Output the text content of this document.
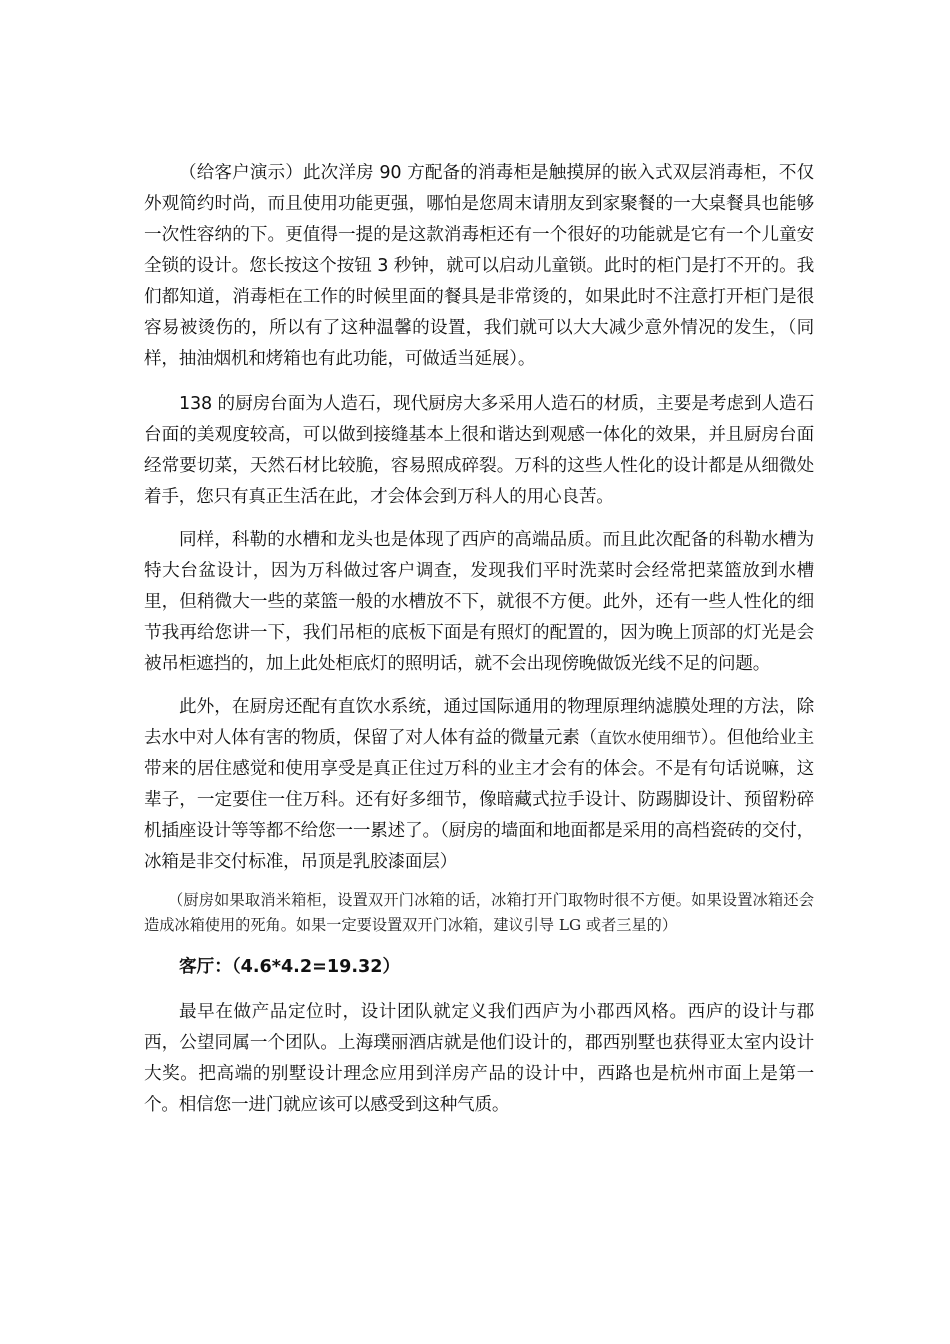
（给客户演示）此次洋房 90 方配备的消毒柜是触摸屏的嵌入式双层消毒柜，不仅外观简约时尚，而且使用功能更强，哪怕是您周末请朋友到家聚餐的一大桌餐具也能够一次性容纳的下。更值得一提的是这款消毒柜还有一个很好的功能就是它有一个儿童安全锁的设计。您长按这个按钮 3 秒钟，就可以启动儿童锁。此时的柜门是打不开的。我们都知道，消毒柜在工作的时候里面的餐具是非常烫的，如果此时不注意打开柜门是很容易被烫伤的，所以有了这种温馨的设置，我们就可以大大减少意外情况的发生，（同样，抽油烟机和烤箱也有此功能，可做适当延展）。

138 的厨房台面为人造石，现代厨房大多采用人造石的材质，主要是考虑到人造石台面的美观度较高，可以做到接缝基本上很和谐达到观感一体化的效果，并且厨房台面经常要切菜，天然石材比较脆，容易照成碎裂。万科的这些人性化的设计都是从细微处着手，您只有真正生活在此，才会体会到万科人的用心良苦。

同样，科勒的水槽和龙头也是体现了西庐的高端品质。而且此次配备的科勒水槽为特大台盆设计，因为万科做过客户调查，发现我们平时洗菜时会经常把菜篮放到水槽里，但稍微大一些的菜篮一般的水槽放不下，就很不方便。此外，还有一些人性化的细节我再给您讲一下，我们吊柜的底板下面是有照灯的配置的，因为晚上顶部的灯光是会被吊柜遮挡的，加上此处柜底灯的照明话，就不会出现傍晚做饭光线不足的问题。

此外，在厨房还配有直饮水系统，通过国际通用的物理原理纳滤膜处理的方法，除去水中对人体有害的物质，保留了对人体有益的微量元素（直饮水使用细节）。但他给业主带来的居住感觉和使用享受是真正住过万科的业主才会有的体会。不是有句话说嘛，这辈子，一定要住一住万科。还有好多细节，像暗藏式拉手设计、防踢脚设计、预留粉碎机插座设计等等都不给您一一累述了。（厨房的墙面和地面都是采用的高档瓷砖的交付，冰箱是非交付标准，吊顶是乳胶漆面层）

（厨房如果取消米箱柜，设置双开门冰箱的话，冰箱打开门取物时很不方便。如果设置冰箱还会造成冰箱使用的死角。如果一定要设置双开门冰箱，建议引导 LG 或者三星的）

客厅：（4.6*4.2=19.32）

最早在做产品定位时，设计团队就定义我们西庐为小郡西风格。西庐的设计与郡西，公望同属一个团队。上海璞丽酒店就是他们设计的，郡西别墅也获得亚太室内设计大奖。把高端的别墅设计理念应用到洋房产品的设计中，西路也是杭州市面上是第一个。相信您一进门就应该可以感受到这种气质。
